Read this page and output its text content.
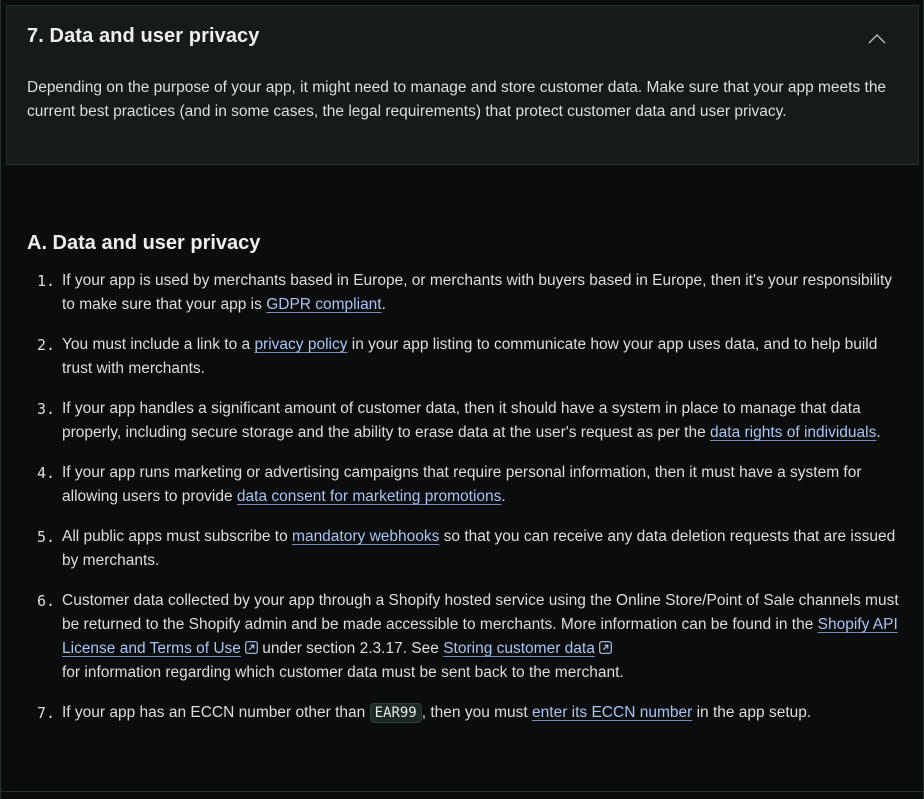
7. Data and user privacy

Depending on the purpose of your app, it might need to manage and store customer data. Make sure that your app meets the current best practices (and in some cases, the legal requirements) that protect customer data and user privacy.

A. Data and user privacy
1. If your app is used by merchants based in Europe, or merchants with buyers based in Europe, then it's your responsibility to make sure that your app is GDPR compliant.
2. You must include a link to a privacy policy in your app listing to communicate how your app uses data, and to help build trust with merchants.
3. If your app handles a significant amount of customer data, then it should have a system in place to manage that data properly, including secure storage and the ability to erase data at the user's request as per the data rights of individuals.
4. If your app runs marketing or advertising campaigns that require personal information, then it must have a system for allowing users to provide data consent for marketing promotions.
5. All public apps must subscribe to mandatory webhooks so that you can receive any data deletion requests that are issued by merchants.
6. Customer data collected by your app through a Shopify hosted service using the Online Store/Point of Sale channels must be returned to the Shopify admin and be made accessible to merchants. More information can be found in the Shopify API License and Terms of Use under section 2.3.17. See Storing customer data
for information regarding which customer data must be sent back to the merchant.
7. If your app has an ECCN number other than EAR99 , then you must enter its ECCN number in the app setup.
